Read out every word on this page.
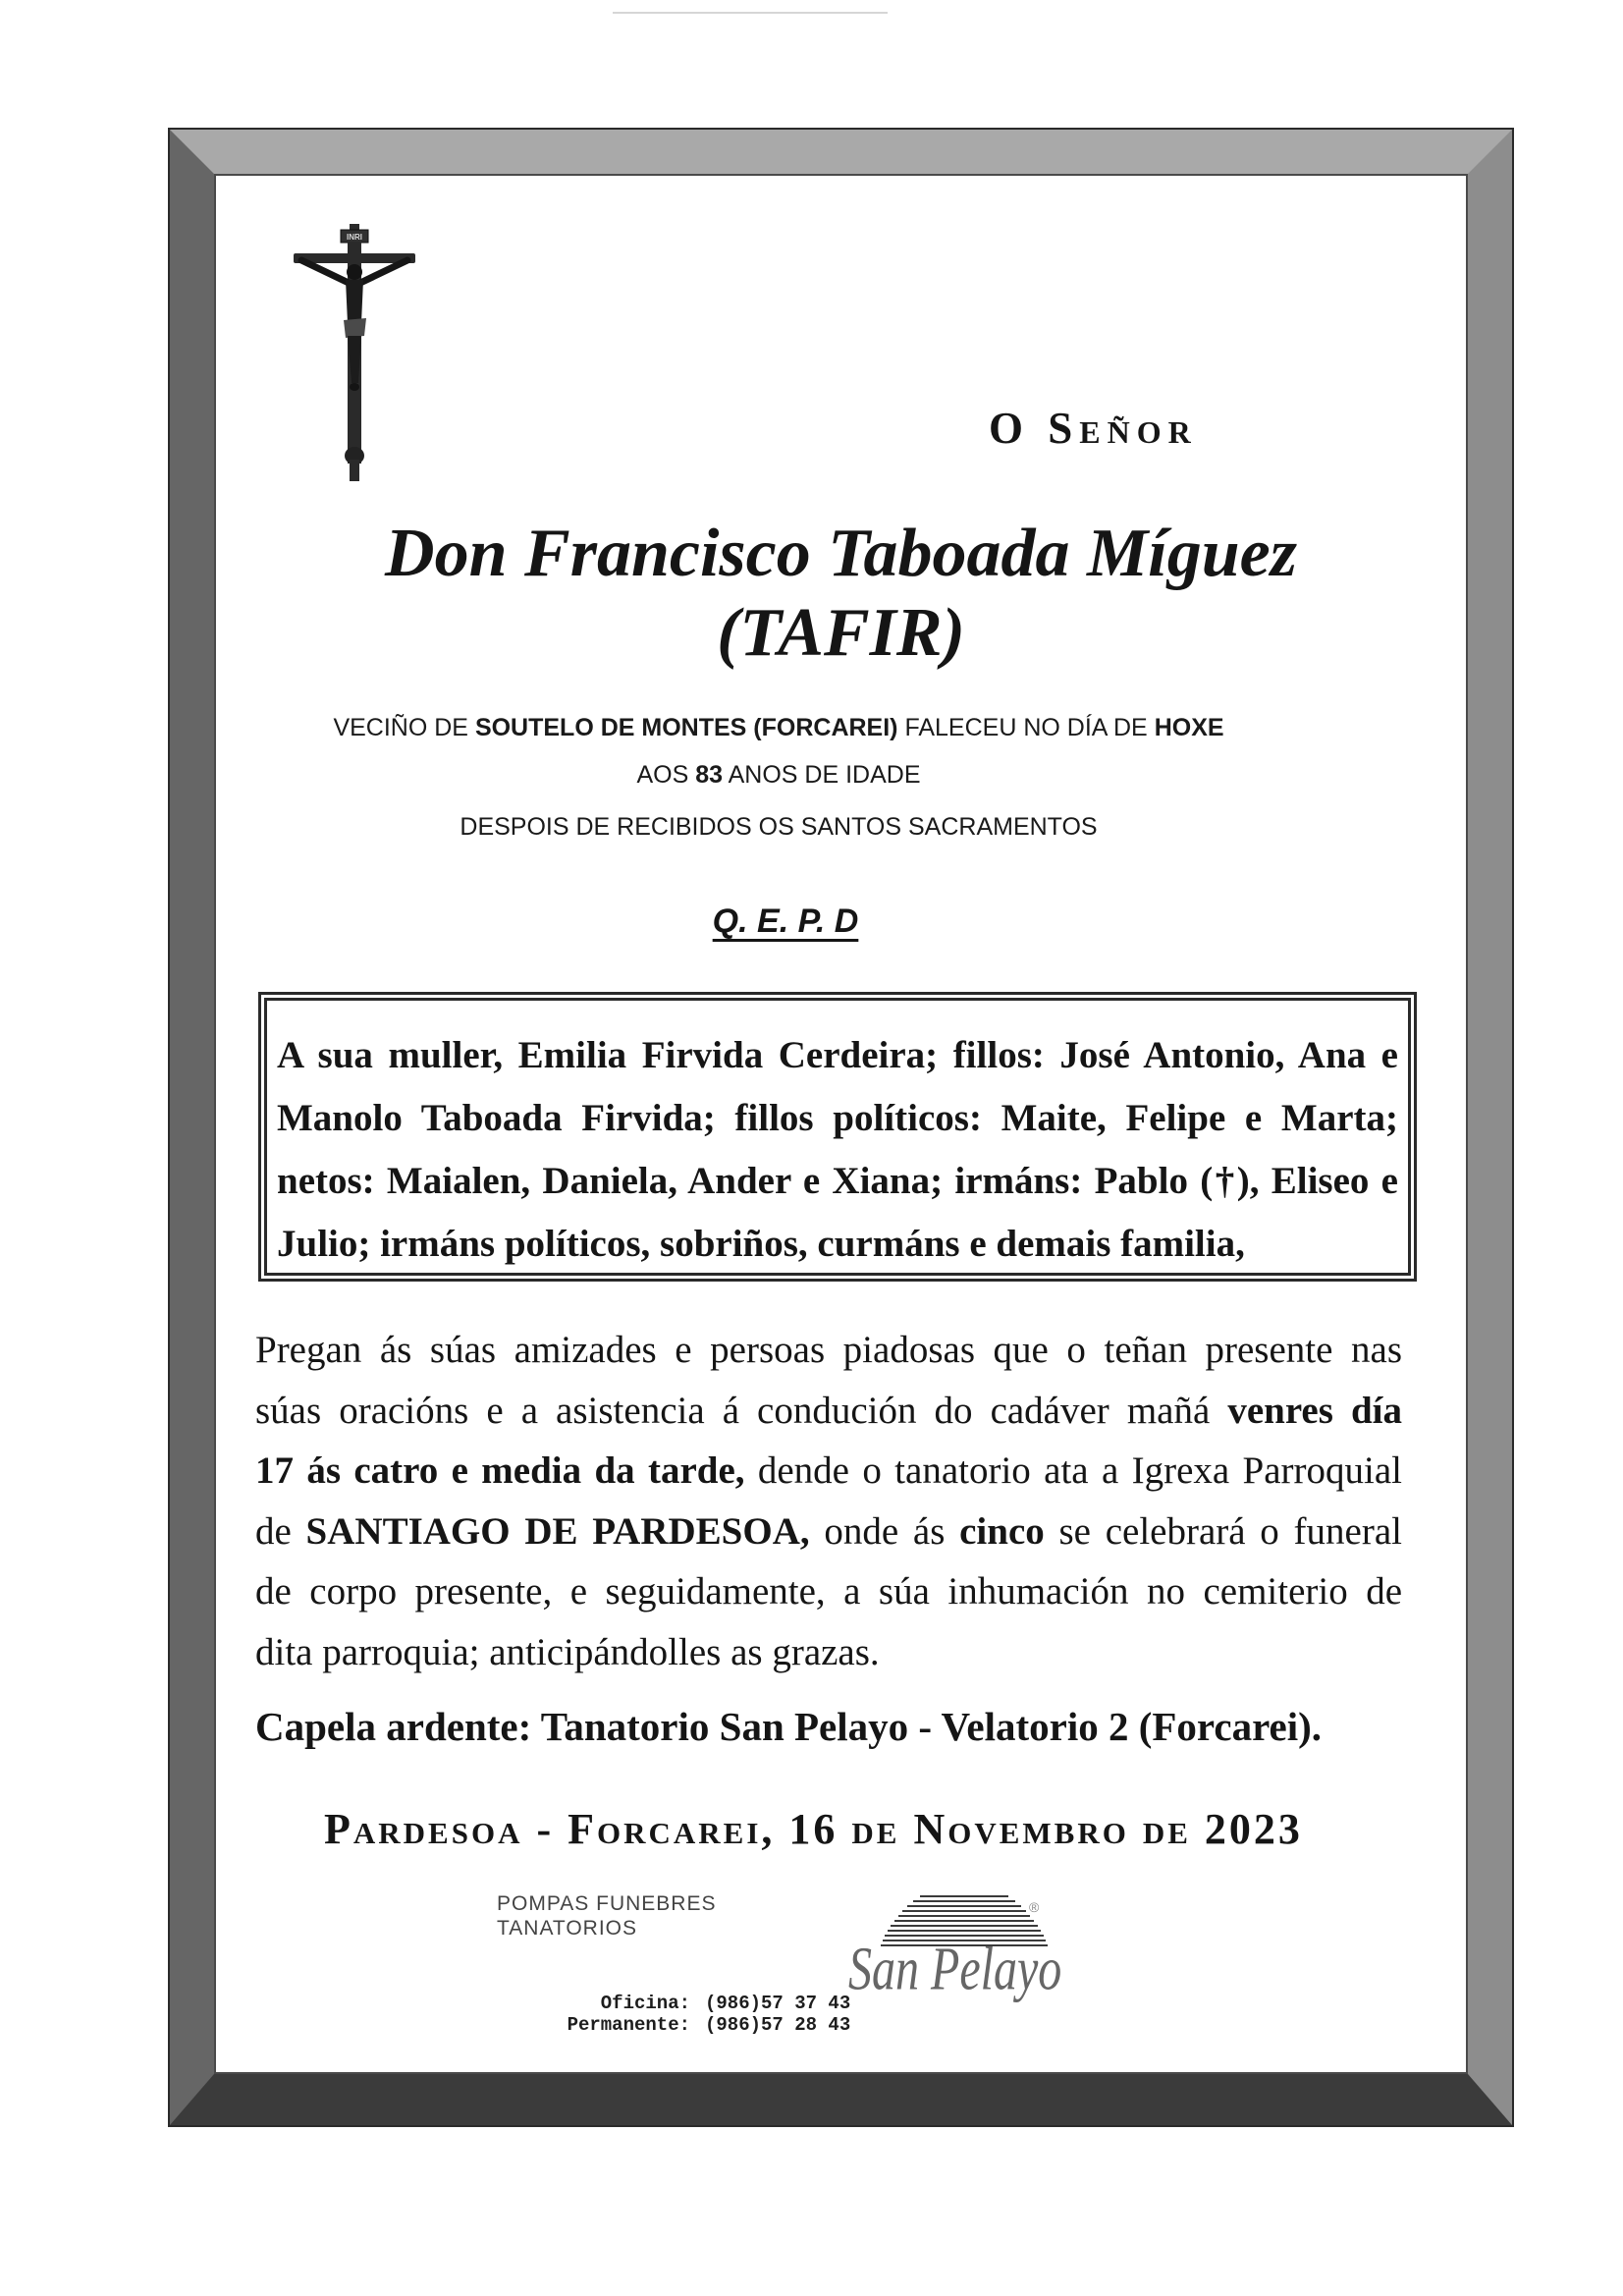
INRI
O Señor
Don Francisco Taboada Míguez
(TAFIR)
VECIÑO DE SOUTELO DE MONTES (FORCAREI) FALECEU NO DÍA DE HOXE
AOS 83 ANOS DE IDADE
DESPOIS DE RECIBIDOS OS SANTOS SACRAMENTOS
Q. E. P. D
A sua muller, Emilia Firvida Cerdeira; fillos: José Antonio, Ana e
Manolo Taboada Firvida; fillos políticos: Maite, Felipe e Marta;
netos: Maialen, Daniela, Ander e Xiana; irmáns: Pablo (†), Eliseo e
Julio; irmáns políticos, sobriños, curmáns e demais familia,
Pregan ás súas amizades e persoas piadosas que o teñan presente nas
súas oracións e a asistencia á condución do cadáver mañá venres día
17 ás catro e media da tarde, dende o tanatorio ata a Igrexa Parroquial
de SANTIAGO DE PARDESOA, onde ás cinco se celebrará o funeral
de corpo presente, e seguidamente, a súa inhumación no cemiterio de
dita parroquia; anticipándolles as grazas.
Capela ardente: Tanatorio San Pelayo - Velatorio 2 (Forcarei).
Pardesoa - Forcarei, 16 de Novembro de 2023
POMPAS FUNEBRES
TANATORIOS
Oficina: (986)57 37 43
Permanente: (986)57 28 43
®
San Pelayo
